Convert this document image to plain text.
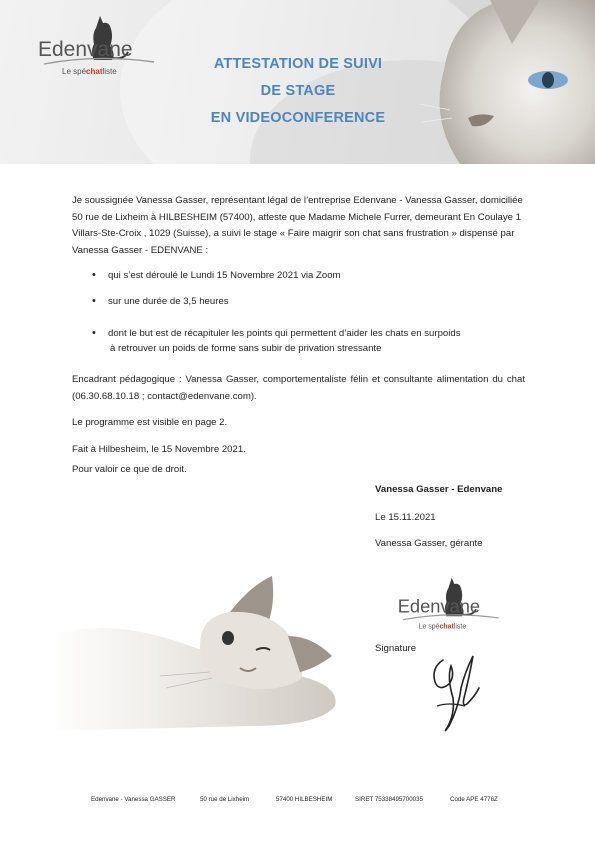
Edenvane
Le spéchatliste	ATTESTATION DE SUIVI
DE STAGE
EN VIDEOCONFERENCE
Je soussignée Vanessa Gasser, représentant légal de l’entreprise Edenvane - Vanessa Gasser, domiciliée 50 rue de Lixheim à HILBESHEIM (57400), atteste que Madame Michele Furrer, demeurant En Coulaye 1 Villars-Ste-Croix , 1029 (Suisse), a suivi le stage « Faire maigrir son chat sans frustration » dispensé par Vanessa Gasser - EDENVANE :
• qui s’est déroulé le Lundi 15 Novembre 2021 via Zoom
• sur une durée de 3,5 heures
• dont le but est de récapituler les points qui permettent d’aider les chats en surpoids
à retrouver un poids de forme sans subir de privation stressante
Encadrant pédagogique : Vanessa Gasser, comportementaliste félin et consultante alimentation du chat (06.30.68.10.18 ; contact@edenvane.com).
Le programme est visible en page 2.
Fait à Hilbesheim, le 15 Novembre 2021.
Pour valoir ce que de droit.
Vanessa Gasser - Edenvane
Le 15.11.2021
Vanessa Gasser, gérante
Edenvane
Le spéchatliste
Signature
Edenvane - Vanessa GASSER	50 rue de Lixheim	57400 HILBESHEIM	SIRET 75338495700035	Code APE 4776Z
